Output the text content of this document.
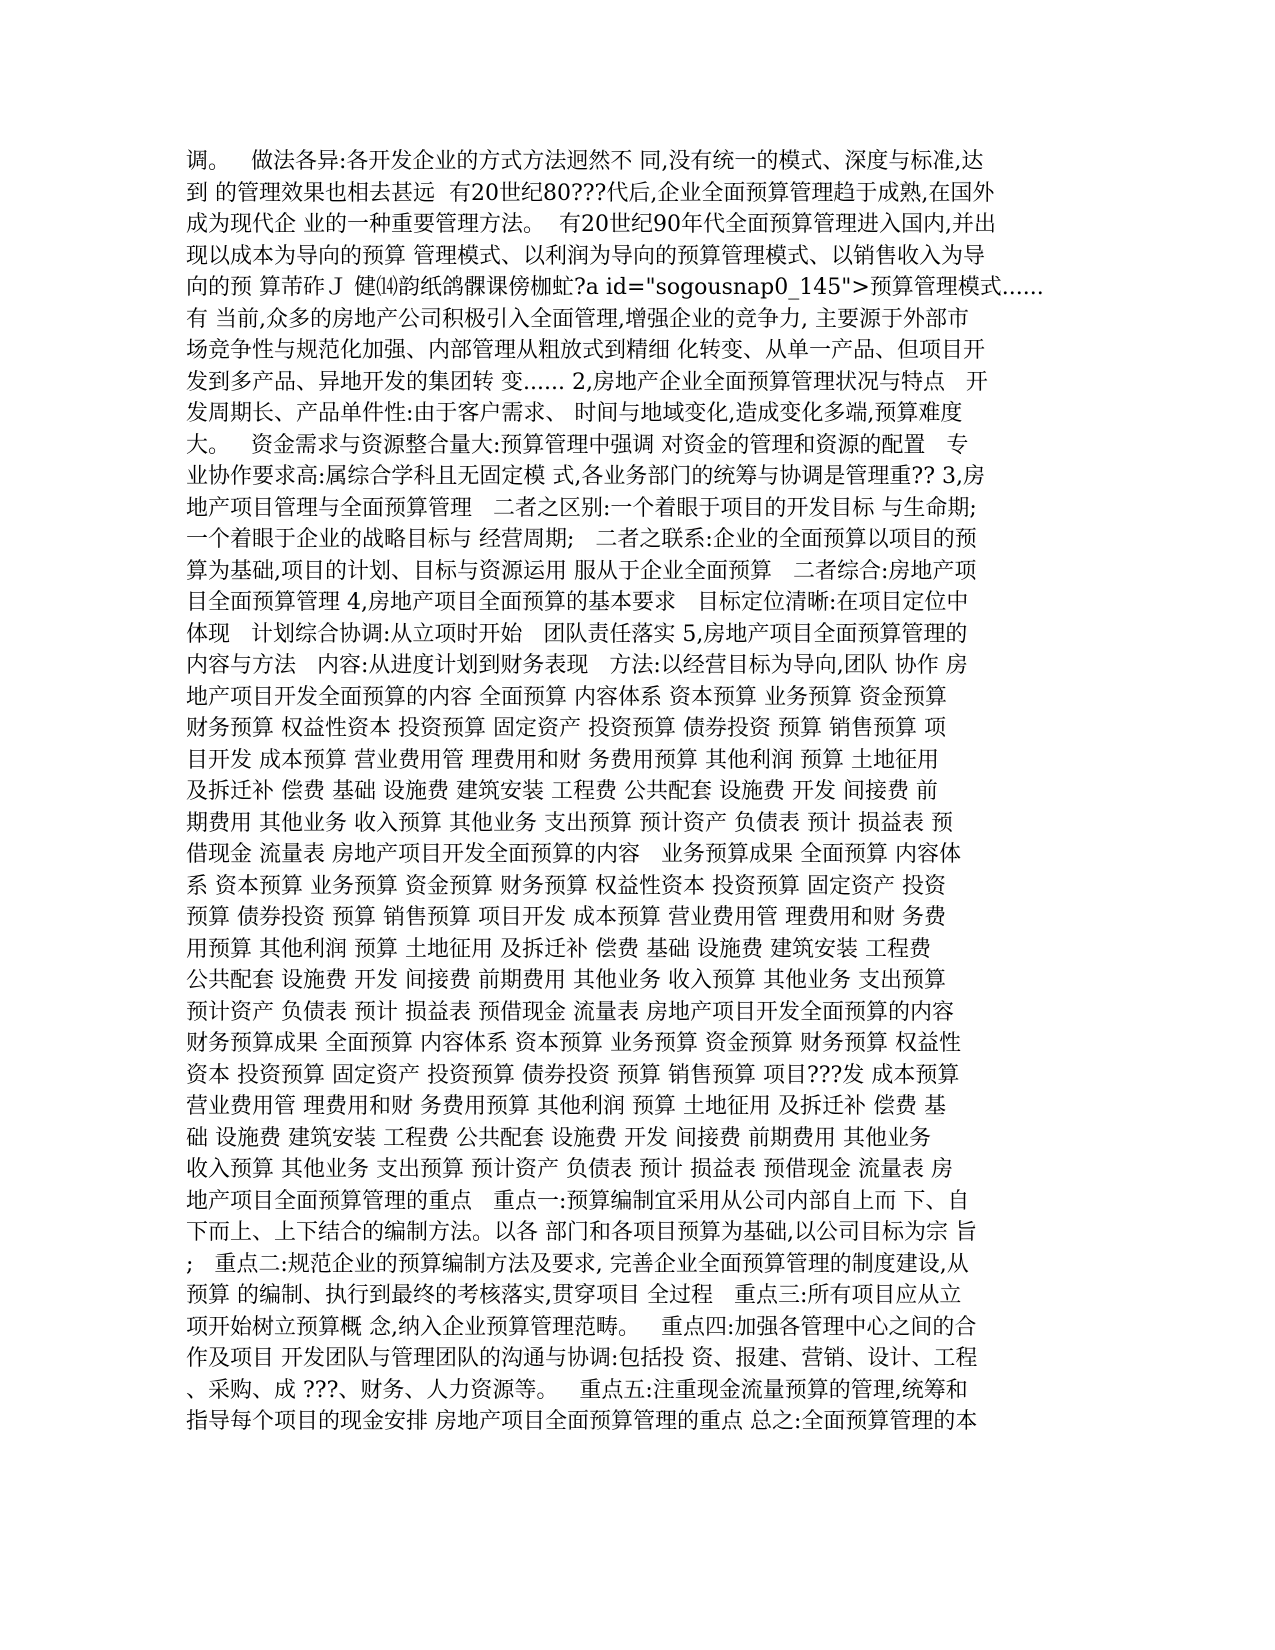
调。   做法各异:各开发企业的方式方法迥然不 同,没有统一的模式、深度与标准,达
到 的管理效果也相去甚远  有20世纪80???代后,企业全面预算管理趋于成熟,在国外
成为现代企 业的一种重要管理方法。  有20世纪90年代全面预算管理进入国内,并出
现以成本为导向的预算 管理模式、以利润为导向的预算管理模式、以销售收入为导
向的预 算芾砟Ｊ 健⒁韵纸鸽髁课傍枷虻?a id="sogousnap0_145">预算管理模式......
有 当前,众多的房地产公司积极引入全面管理,增强企业的竞争力, 主要源于外部市
场竞争性与规范化加强、内部管理从粗放式到精细 化转变、从单一产品、但项目开
发到多产品、异地开发的集团转 变...... 2,房地产企业全面预算管理状况与特点   开
发周期长、产品单件性:由于客户需求、 时间与地域变化,造成变化多端,预算难度
大。   资金需求与资源整合量大:预算管理中强调 对资金的管理和资源的配置   专
业协作要求高:属综合学科且无固定模 式,各业务部门的统筹与协调是管理重?? 3,房
地产项目管理与全面预算管理   二者之区别:一个着眼于项目的开发目标 与生命期;
一个着眼于企业的战略目标与 经营周期;   二者之联系:企业的全面预算以项目的预
算为基础,项目的计划、目标与资源运用 服从于企业全面预算   二者综合:房地产项
目全面预算管理 4,房地产项目全面预算的基本要求   目标定位清晰:在项目定位中
体现   计划综合协调:从立项时开始   团队责任落实 5,房地产项目全面预算管理的
内容与方法   内容:从进度计划到财务表现   方法:以经营目标为导向,团队 协作 房
地产项目开发全面预算的内容 全面预算 内容体系 资本预算 业务预算 资金预算
财务预算 权益性资本 投资预算 固定资产 投资预算 债券投资 预算 销售预算 项
目开发 成本预算 营业费用管 理费用和财 务费用预算 其他利润 预算 土地征用
及拆迁补 偿费 基础 设施费 建筑安装 工程费 公共配套 设施费 开发 间接费 前
期费用 其他业务 收入预算 其他业务 支出预算 预计资产 负债表 预计 损益表 预
借现金 流量表 房地产项目开发全面预算的内容   业务预算成果 全面预算 内容体
系 资本预算 业务预算 资金预算 财务预算 权益性资本 投资预算 固定资产 投资
预算 债券投资 预算 销售预算 项目开发 成本预算 营业费用管 理费用和财 务费
用预算 其他利润 预算 土地征用 及拆迁补 偿费 基础 设施费 建筑安装 工程费
公共配套 设施费 开发 间接费 前期费用 其他业务 收入预算 其他业务 支出预算
预计资产 负债表 预计 损益表 预借现金 流量表 房地产项目开发全面预算的内容
财务预算成果 全面预算 内容体系 资本预算 业务预算 资金预算 财务预算 权益性
资本 投资预算 固定资产 投资预算 债券投资 预算 销售预算 项目???发 成本预算
营业费用管 理费用和财 务费用预算 其他利润 预算 土地征用 及拆迁补 偿费 基
础 设施费 建筑安装 工程费 公共配套 设施费 开发 间接费 前期费用 其他业务
收入预算 其他业务 支出预算 预计资产 负债表 预计 损益表 预借现金 流量表 房
地产项目全面预算管理的重点   重点一:预算编制宜采用从公司内部自上而 下、自
下而上、上下结合的编制方法。以各 部门和各项目预算为基础,以公司目标为宗 旨
;   重点二:规范企业的预算编制方法及要求, 完善企业全面预算管理的制度建设,从
预算 的编制、执行到最终的考核落实,贯穿项目 全过程   重点三:所有项目应从立
项开始树立预算概 念,纳入企业预算管理范畴。   重点四:加强各管理中心之间的合
作及项目 开发团队与管理团队的沟通与协调:包括投 资、报建、营销、设计、工程
、采购、成 ???、财务、人力资源等。   重点五:注重现金流量预算的管理,统筹和
指导每个项目的现金安排 房地产项目全面预算管理的重点 总之:全面预算管理的本
